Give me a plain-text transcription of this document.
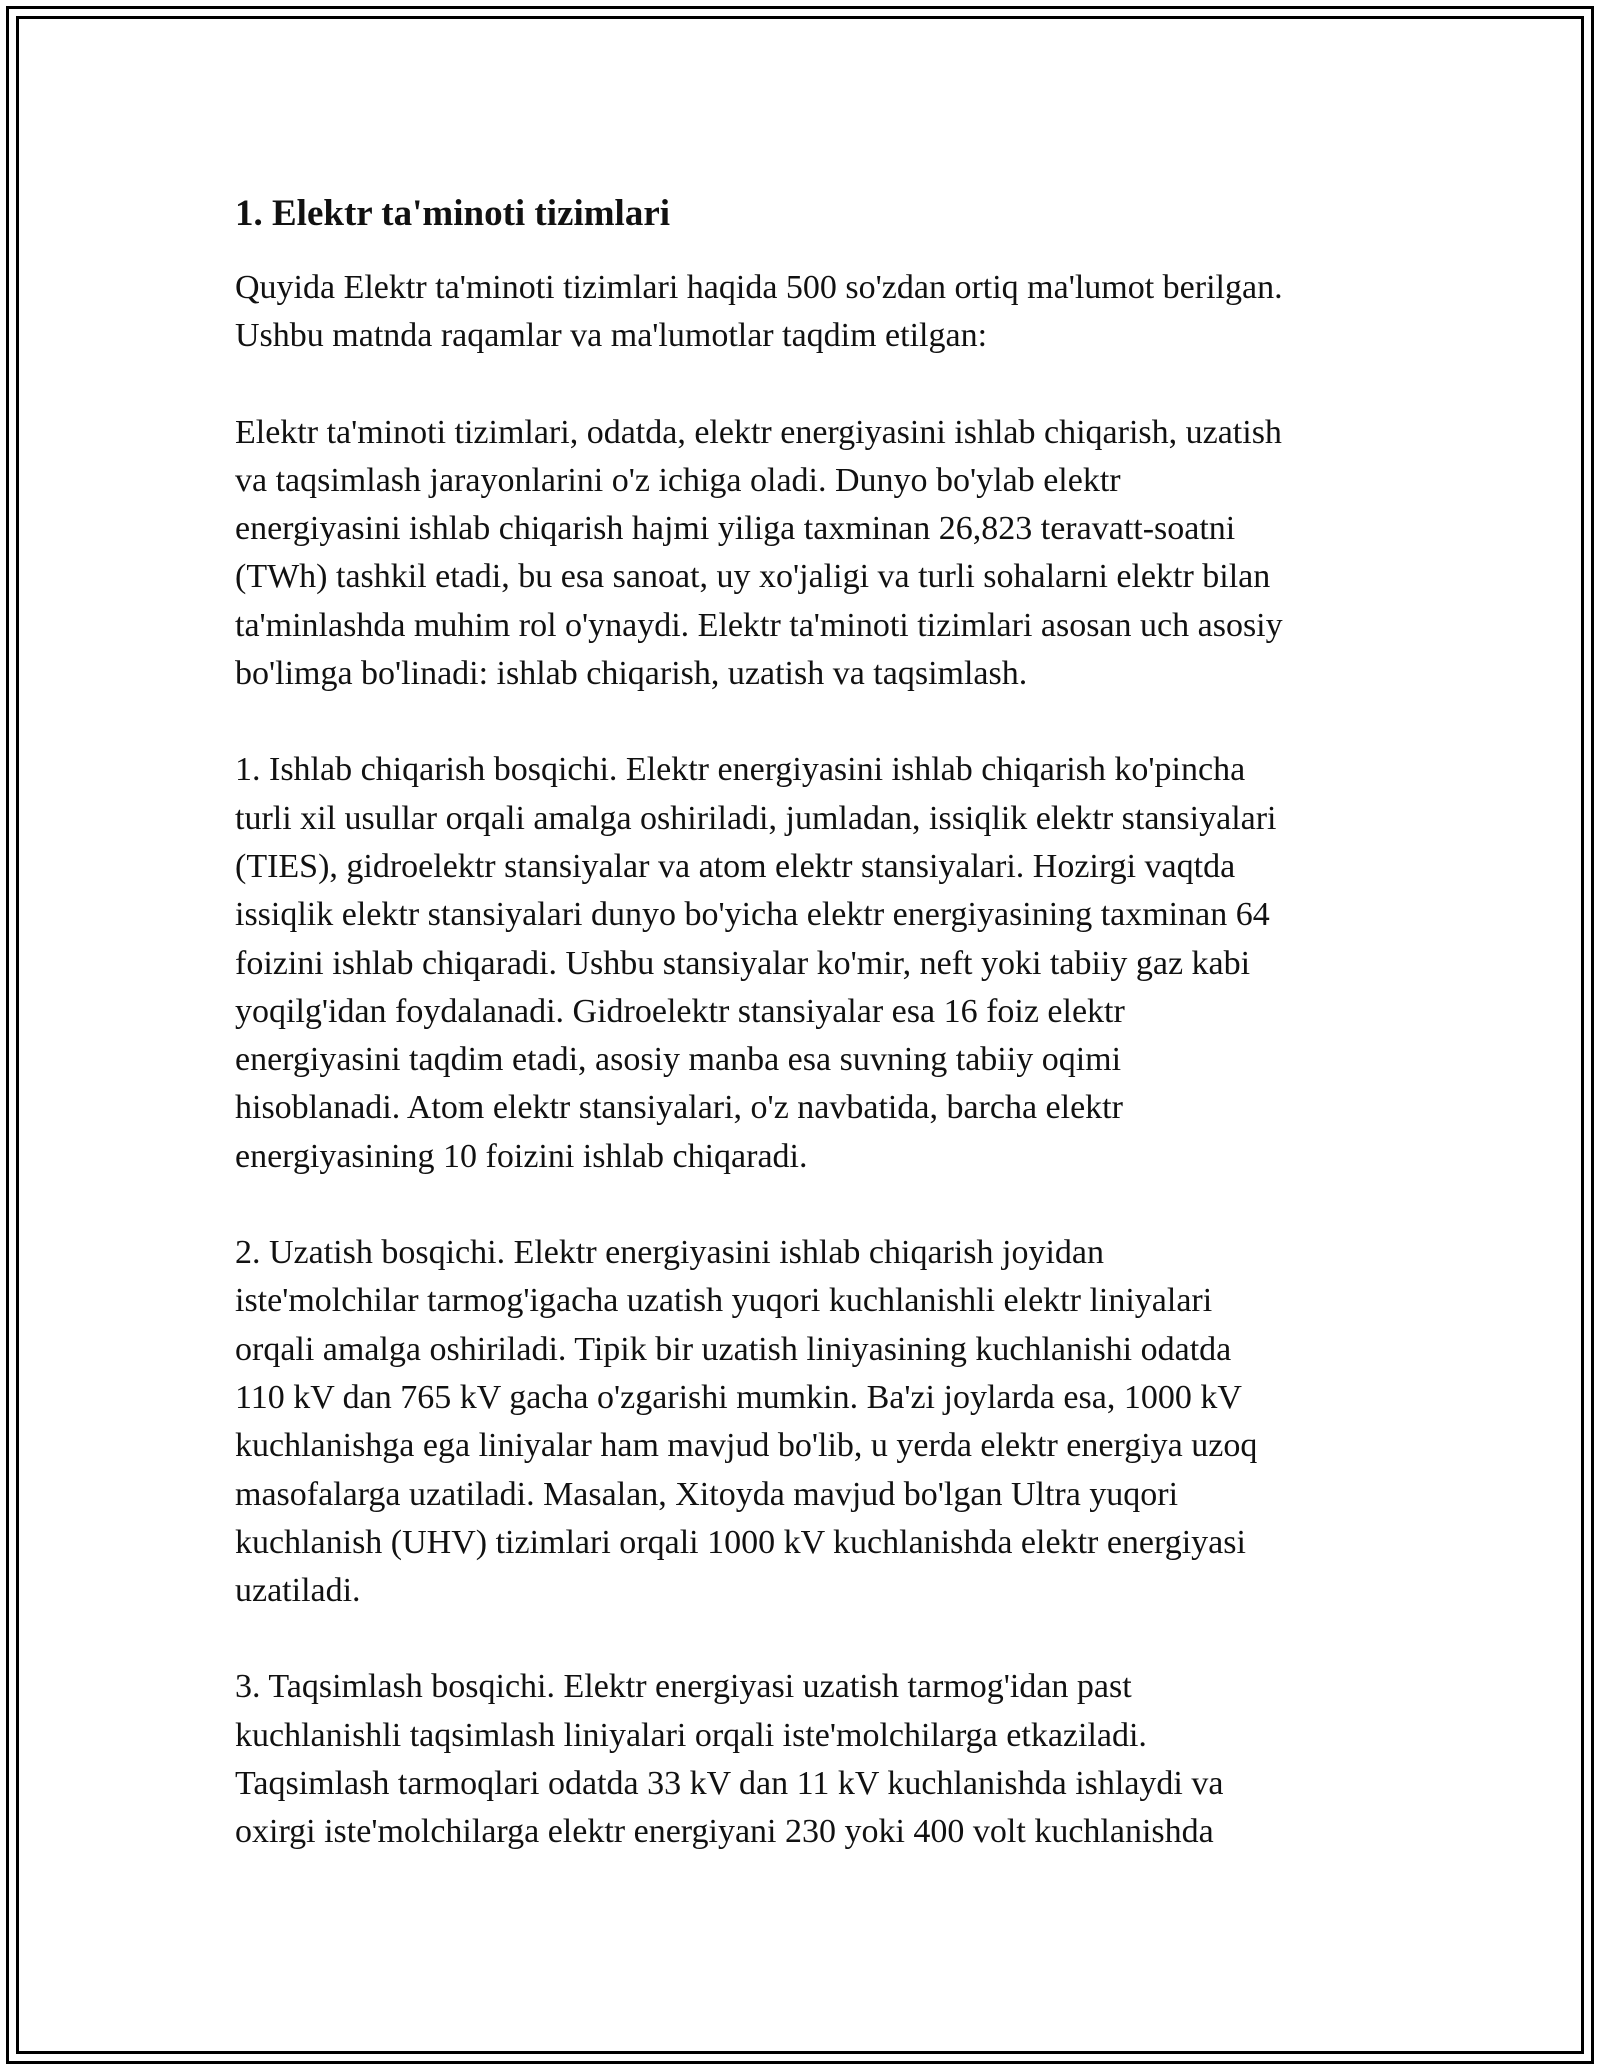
1. Elektr ta'minoti tizimlari

Quyida Elektr ta'minoti tizimlari haqida 500 so'zdan ortiq ma'lumot berilgan.
Ushbu matnda raqamlar va ma'lumotlar taqdim etilgan:

Elektr ta'minoti tizimlari, odatda, elektr energiyasini ishlab chiqarish, uzatish
va taqsimlash jarayonlarini o'z ichiga oladi. Dunyo bo'ylab elektr
energiyasini ishlab chiqarish hajmi yiliga taxminan 26,823 teravatt-soatni
(TWh) tashkil etadi, bu esa sanoat, uy xo'jaligi va turli sohalarni elektr bilan
ta'minlashda muhim rol o'ynaydi. Elektr ta'minoti tizimlari asosan uch asosiy
bo'limga bo'linadi: ishlab chiqarish, uzatish va taqsimlash.

1. Ishlab chiqarish bosqichi. Elektr energiyasini ishlab chiqarish ko'pincha
turli xil usullar orqali amalga oshiriladi, jumladan, issiqlik elektr stansiyalari
(TIES), gidroelektr stansiyalar va atom elektr stansiyalari. Hozirgi vaqtda
issiqlik elektr stansiyalari dunyo bo'yicha elektr energiyasining taxminan 64
foizini ishlab chiqaradi. Ushbu stansiyalar ko'mir, neft yoki tabiiy gaz kabi
yoqilg'idan foydalanadi. Gidroelektr stansiyalar esa 16 foiz elektr
energiyasini taqdim etadi, asosiy manba esa suvning tabiiy oqimi
hisoblanadi. Atom elektr stansiyalari, o'z navbatida, barcha elektr
energiyasining 10 foizini ishlab chiqaradi.

2. Uzatish bosqichi. Elektr energiyasini ishlab chiqarish joyidan
iste'molchilar tarmog'igacha uzatish yuqori kuchlanishli elektr liniyalari
orqali amalga oshiriladi. Tipik bir uzatish liniyasining kuchlanishi odatda
110 kV dan 765 kV gacha o'zgarishi mumkin. Ba'zi joylarda esa, 1000 kV
kuchlanishga ega liniyalar ham mavjud bo'lib, u yerda elektr energiya uzoq
masofalarga uzatiladi. Masalan, Xitoyda mavjud bo'lgan Ultra yuqori
kuchlanish (UHV) tizimlari orqali 1000 kV kuchlanishda elektr energiyasi
uzatiladi.

3. Taqsimlash bosqichi. Elektr energiyasi uzatish tarmog'idan past
kuchlanishli taqsimlash liniyalari orqali iste'molchilarga etkaziladi.
Taqsimlash tarmoqlari odatda 33 kV dan 11 kV kuchlanishda ishlaydi va
oxirgi iste'molchilarga elektr energiyani 230 yoki 400 volt kuchlanishda
